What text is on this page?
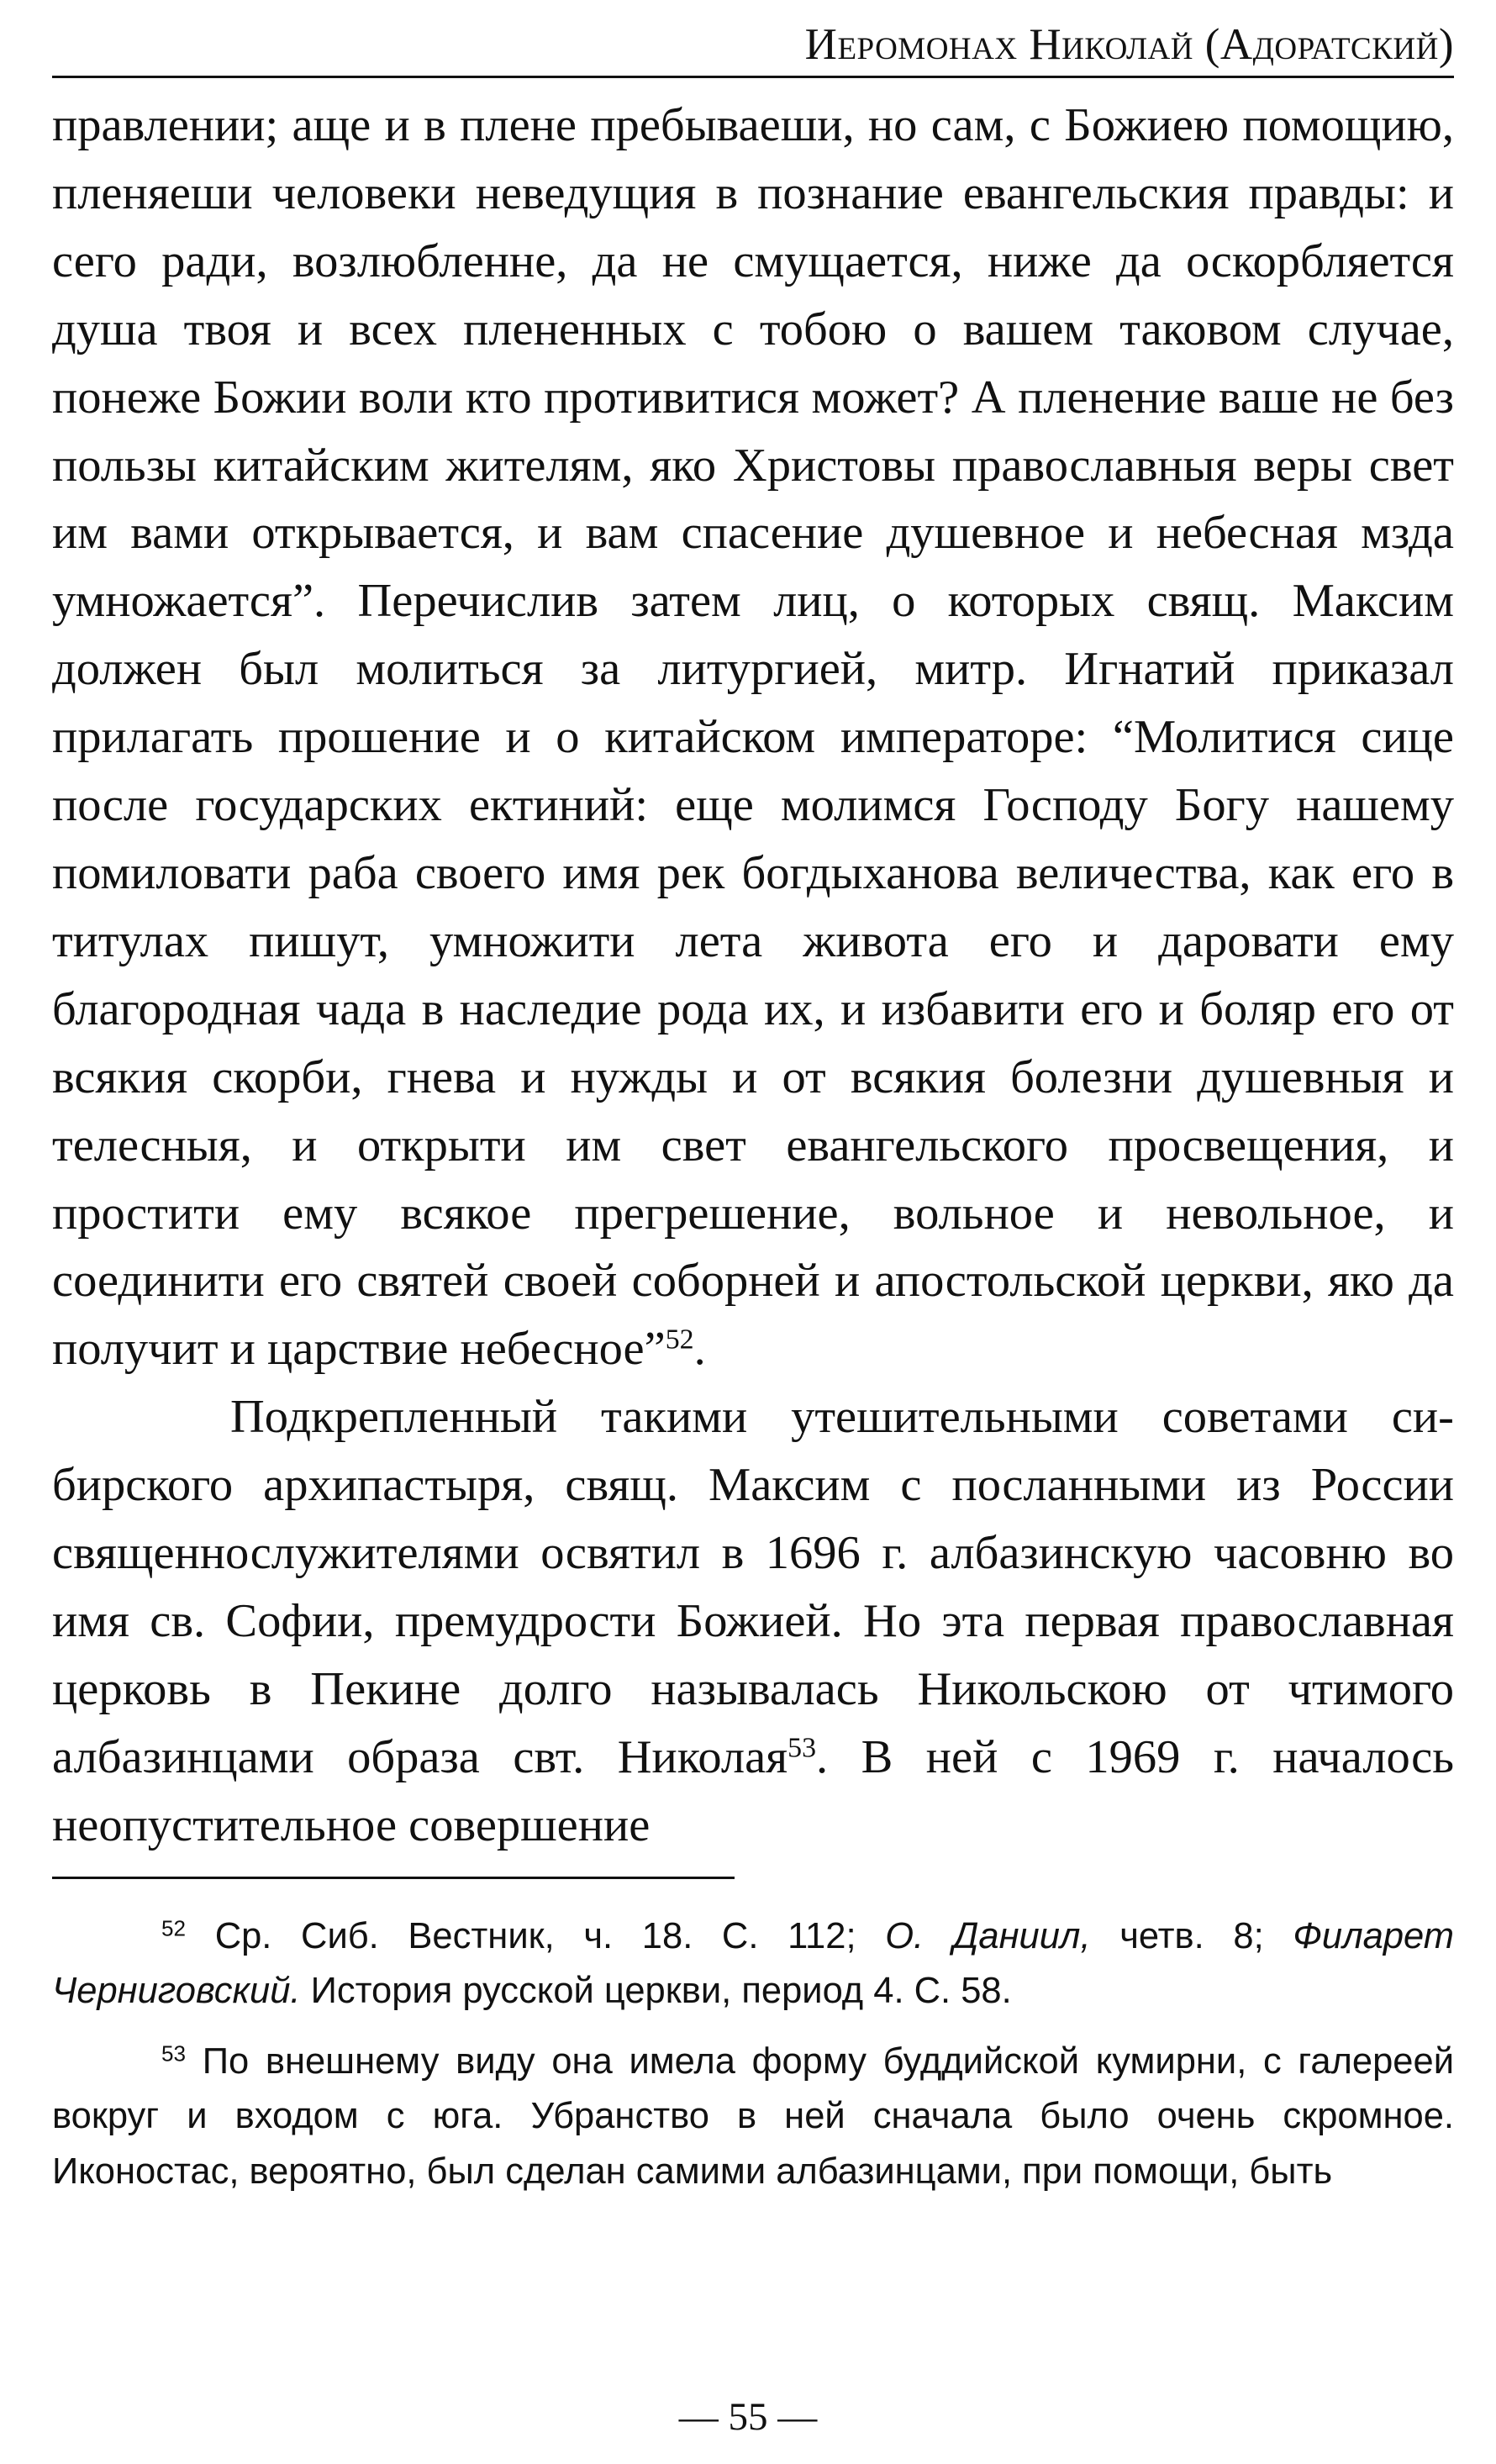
Иеромонах Николай (Адоратский)

правлении; аще и в плене пребываеши, но сам, с Божиею помощию, пленяеши человеки неведущия в познание евангельския правды: и сего ради, возлюбленне, да не смущается, ниже да оскорбляется душа твоя и всех плененных с тобою о вашем таковом случае, понеже Божии воли кто противитися может? А пленение ваше не без пользы китайским жителям, яко Христовы православныя веры свет им вами открывается, и вам спасение душевное и небесная мзда умножается”. Перечислив затем лиц, о которых свящ. Максим должен был молиться за литургией, митр. Игнатий приказал прилагать прошение и о китайском императоре: “Молитися сице после государских ектиний: еще молимся Господу Богу нашему помиловати раба своего имя рек богдыханова величества, как его в титулах пишут, умножити лета живота его и даровати ему благородная чада в наследие рода их, и избавити его и боляр его от всякия скорби, гнева и нужды и от всякия болезни душевныя и телесныя, и открыти им свет евангельского просвещения, и простити ему всякое прегрешение, вольное и невольное, и соединити его святей своей соборней и апостольской церкви, яко да получит и царствие небесное”$^{52}$.

Подкрепленный такими утешительными советами сибирского архипастыря, свящ. Максим с посланными из России священнослужителями освятил в 1696 г. албазинскую часовню во имя св. Софии, премудрости Божией. Но эта первая православная церковь в Пекине долго называлась Никольскою от чтимого албазинцами образа свт. Николая$^{53}$. В ней с 1969 г. началось неопустительное совершение

$^{52}$ Ср. Сиб. Вестник, ч. 18. С. 112; О. Даниил, четв. 8; Филарет Черниговский. История русской церкви, период 4. С. 58.

$^{53}$ По внешнему виду она имела форму буддийской кумирни, с галереей вокруг и входом с юга. Убранство в ней сначала было очень скромное. Иконостас, вероятно, был сделан самими албазинцами, при помощи, быть

— 55 —
